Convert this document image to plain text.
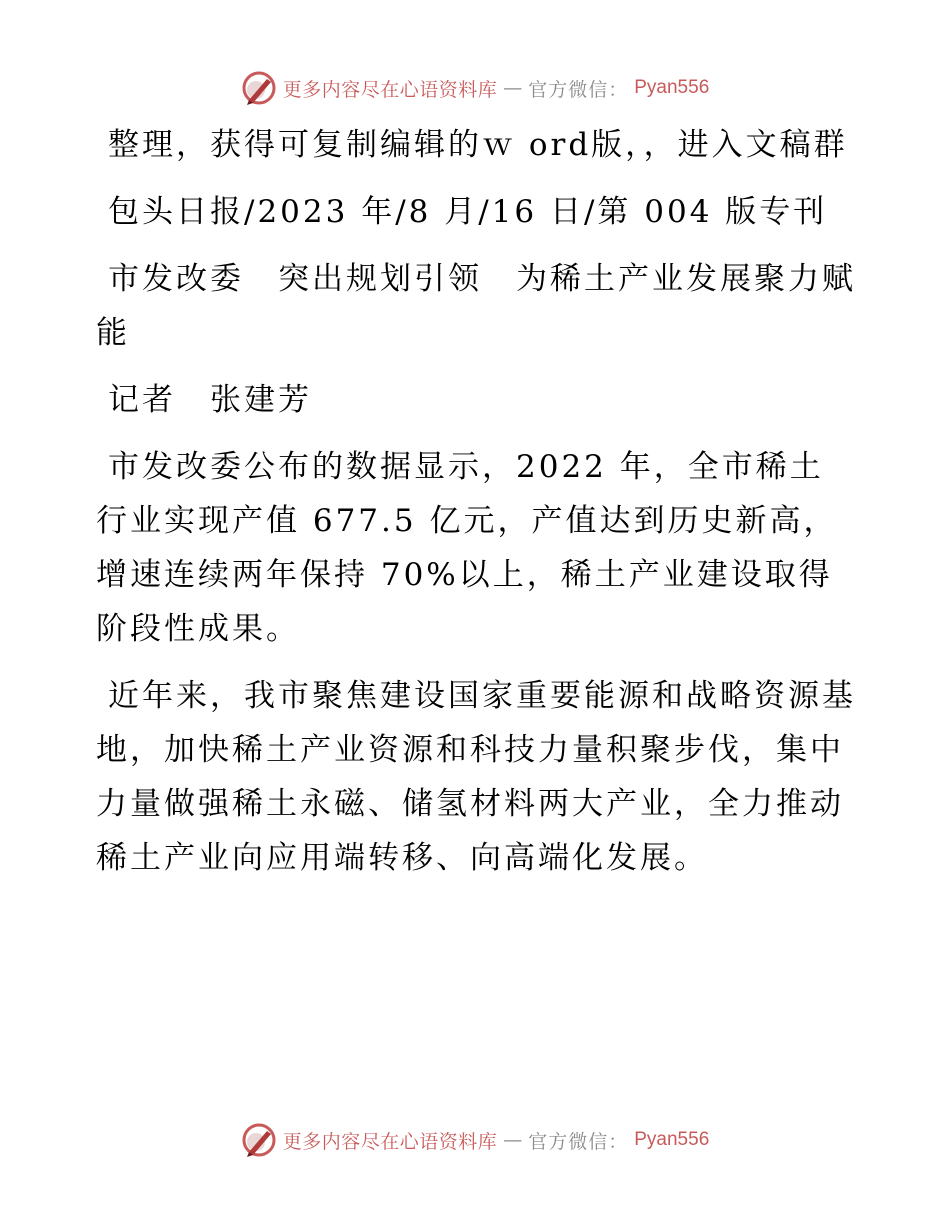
更多内容尽在心语资料库 — 官方微信： Pyan556

整理，获得可复制编辑的ｗ ord版，，进入文稿群

包头日报/2023 年/8 月/16 日/第 004 版专刊

市发改委　突出规划引领　为稀土产业发展聚力赋能

记者　张建芳

市发改委公布的数据显示，2022 年，全市稀土行业实现产值 677.5 亿元，产值达到历史新高，增速连续两年保持 70%以上，稀土产业建设取得阶段性成果。

近年来，我市聚焦建设国家重要能源和战略资源基地，加快稀土产业资源和科技力量积聚步伐，集中力量做强稀土永磁、储氢材料两大产业，全力推动稀土产业向应用端转移、向高端化发展。

更多内容尽在心语资料库 — 官方微信： Pyan556
